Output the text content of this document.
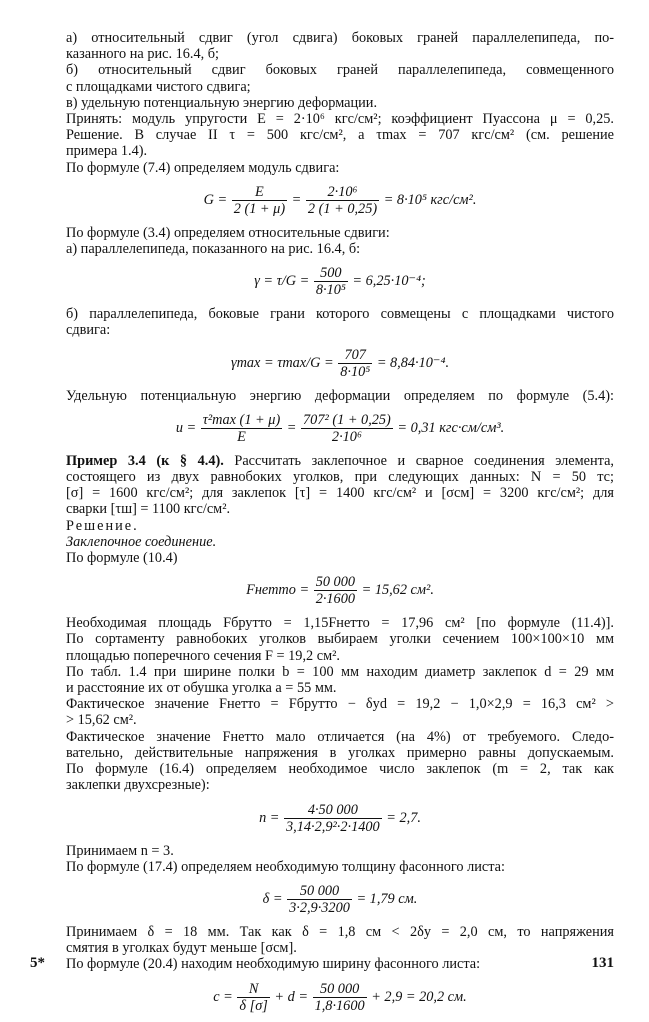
а) относительный сдвиг (угол сдвига) боковых граней параллелепипеда, по-

казанного на рис. 16.4, б;

б) относительный сдвиг боковых граней параллелепипеда, совмещенного

с площадками чистого сдвига;

в) удельную потенциальную энергию деформации.

Принять: модуль упругости E = 2·10⁶ кгс/см²; коэффициент Пуассона μ = 0,25.

Решение. В случае II τ = 500 кгс/см², а τmax = 707 кгс/см² (см. решение

примера 1.4).

По формуле (7.4) определяем модуль сдвига:

$G = \frac{E}{2 (1 + \mu)} = \frac{\text{2·10⁶}}{2 (1 + 0,25)} = 8\cdot 10^5$ кгс/см².

По формуле (3.4) определяем относительные сдвиги:

а) параллелепипеда, показанного на рис. 16.4, б:

$\gamma = \tau/G = \frac{500}{\text{8·10⁵}} = 6,25\cdot 10^{-4}$;

б) параллелепипеда, боковые грани которого совмещены с площадками чистого

сдвига:

$\gamma\max = \tau\max/G = \frac{707}{\text{8·10⁵}} = 8,84\cdot 10^{-4}$.

Удельную потенциальную энергию деформации определяем по формуле (5.4):

$u = \frac{\text{τ²max (1 + μ)}}{E} = \frac{\text{707² (1 + 0,25)}}{\text{2·10⁶}} = 0,31$ кгс·см/см³.

Пример 3.4 (к § 4.4). Рассчитать заклепочное и сварное соединения элемента,

состоящего из двух равнобоких уголков, при следующих данных: N = 50 тс;

[σ] = 1600 кгс/см²; для заклепок [τ] = 1400 кгс/см² и [σсм] = 3200 кгс/см²; для

сварки [τш] = 1100 кгс/см².

Решение.

Заклепочное соединение.

По формуле (10.4)

Fнетто = $\frac{50 000}{2\cdot 1600} = 15,62$ см².

Необходимая площадь Fбрутто = 1,15Fнетто = 17,96 см² [по формуле (11.4)].

По сортаменту равнобоких уголков выбираем уголки сечением 100×100×10 мм

площадью поперечного сечения F = 19,2 см².

По табл. 1.4 при ширине полки b = 100 мм находим диаметр заклепок d = 29 мм

и расстояние их от обушка уголка a = 55 мм.

Фактическое значение Fнетто = Fбрутто − δуd = 19,2 − 1,0×2,9 = 16,3 см² >

> 15,62 см².

Фактическое значение Fнетто мало отличается (на 4%) от требуемого. Следо-

вательно, действительные напряжения в уголках примерно равны допускаемым.

По формуле (16.4) определяем необходимое число заклепок (m = 2, так как

заклепки двухсрезные):

$n = \frac{4\cdot 50 000}{\text{3,14·2,9²·2·1400}} = 2,7$.

Принимаем n = 3.

По формуле (17.4) определяем необходимую толщину фасонного листа:

$\delta = \frac{50 000}{3\cdot 2,9\cdot 3200} = 1,79$ см.

Принимаем δ = 18 мм. Так как δ = 1,8 см < 2δу = 2,0 см, то напряжения

смятия в уголках будут меньше [σсм].

По формуле (20.4) находим необходимую ширину фасонного листа:

$c = \frac{N}{\delta [\sigma]} + d = \frac{50 000}{1,8\cdot 1600} + 2,9 = 20,2$ см.
5*	131
